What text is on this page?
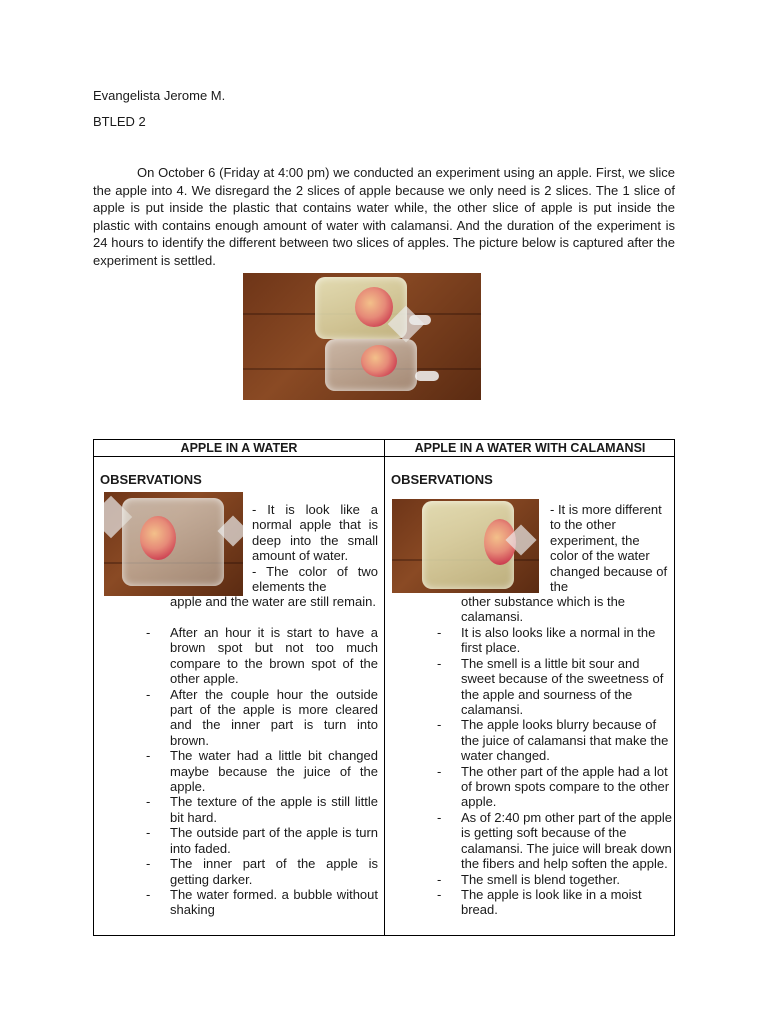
Evangelista Jerome M.
BTLED 2

On October 6 (Friday at 4:00 pm) we conducted an experiment using an apple. First, we slice the apple into 4. We disregard the 2 slices of apple because we only need is 2 slices. The 1 slice of apple is put inside the plastic that contains water while, the other slice of apple is put inside the plastic with contains enough amount of water with calamansi. And the duration of the experiment is 24 hours to identify the different between two slices of apples. The picture below is captured after the experiment is settled.

APPLE IN A WATER	APPLE IN A WATER WITH CALAMANSI
OBSERVATIONS	OBSERVATIONS

- It is look like a normal apple that is deep into the small amount of water.

- The color of two elements the

apple and the water are still remain.

- After an hour it is start to have a brown spot but not too much compare to the brown spot of the other apple.
- After the couple hour the outside part of the apple is more cleared and the inner part is turn into brown.
- The water had a little bit changed maybe because the juice of the apple.
- The texture of the apple is still little bit hard.
- The outside part of the apple is turn into faded.
- The inner part of the apple is getting darker.
- The water formed. a bubble without shaking

- It is more different to the other experiment, the color of the water changed because of the

other substance which is the calamansi.

- It is also looks like a normal in the first place.
- The smell is a little bit sour and sweet because of the sweetness of the apple and sourness of the calamansi.
- The apple looks blurry because of the juice of calamansi that make the water changed.
- The other part of the apple had a lot of brown spots compare to the other apple.
- As of 2:40 pm other part of the apple is getting soft because of the calamansi. The juice will break down the fibers and help soften the apple.
- The smell is blend together.
- The apple is look like in a moist bread.
